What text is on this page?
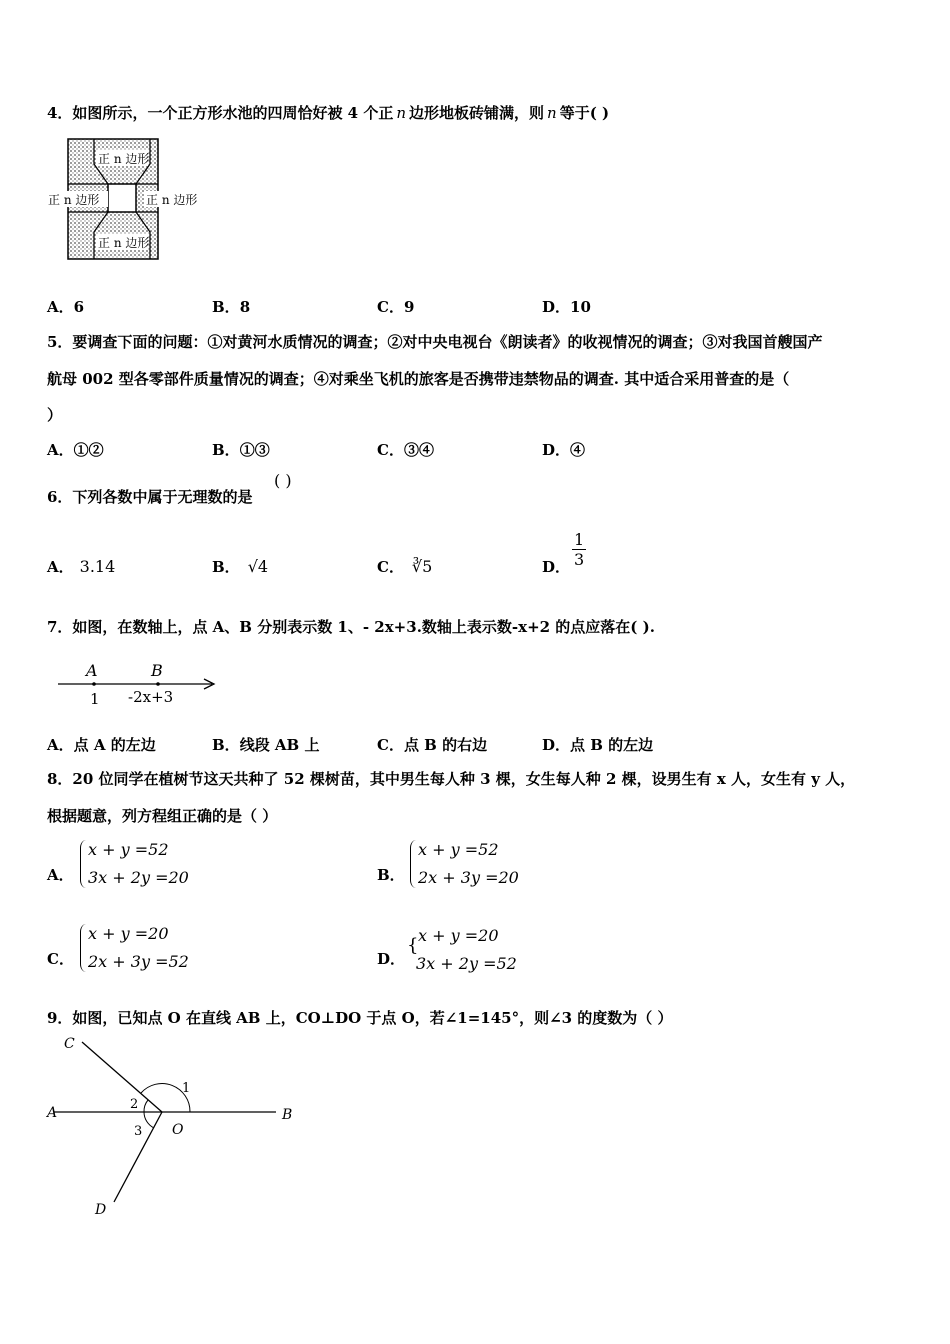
4．如图所示，一个正方形水池的四周恰好被 4 个正 n 边形地板砖铺满，则 n 等于( )
正 n 边形
正 n 边形	正 n 边形
正 n 边形
A．6	B．8	C．9	D．10
5．要调查下面的问题：①对黄河水质情况的调查；②对中央电视台《朗读者》的收视情况的调查；③对我国首艘国产
航母 002 型各零部件质量情况的调查；④对乘坐飞机的旅客是否携带违禁物品的调查. 其中适合采用普查的是（
）
A．①②	B．①③	C．③④	D．④
6．下列各数中属于无理数的是
( )
A． 3.14	B． √4	C． ∛5	D． $\frac{1}{3}$
7．如图，在数轴上，点 A、B 分别表示数 1、- 2x+3.数轴上表示数-x+2 的点应落在( ).
A	B
1 -2x+3
A．点 A 的左边	B．线段 AB 上	C．点 B 的右边	D．点 B 的左边
8．20 位同学在植树节这天共种了 52 棵树苗，其中男生每人种 3 棵，女生每人种 2 棵，设男生有 x 人，女生有 y 人，
根据题意，列方程组正确的是（ ）
A．
x + y =52
3x + 2y =20	B．
x + y =52
2x + 3y =20
C．
x + y =20
2x + 3y =52	D．
{ x + y =20
3x + 2y =52
9．如图，已知点 O 在直线 AB 上，CO⊥DO 于点 O，若∠1=145°，则∠3 的度数为（ ）
C
A	B
O
D
1
2
3
